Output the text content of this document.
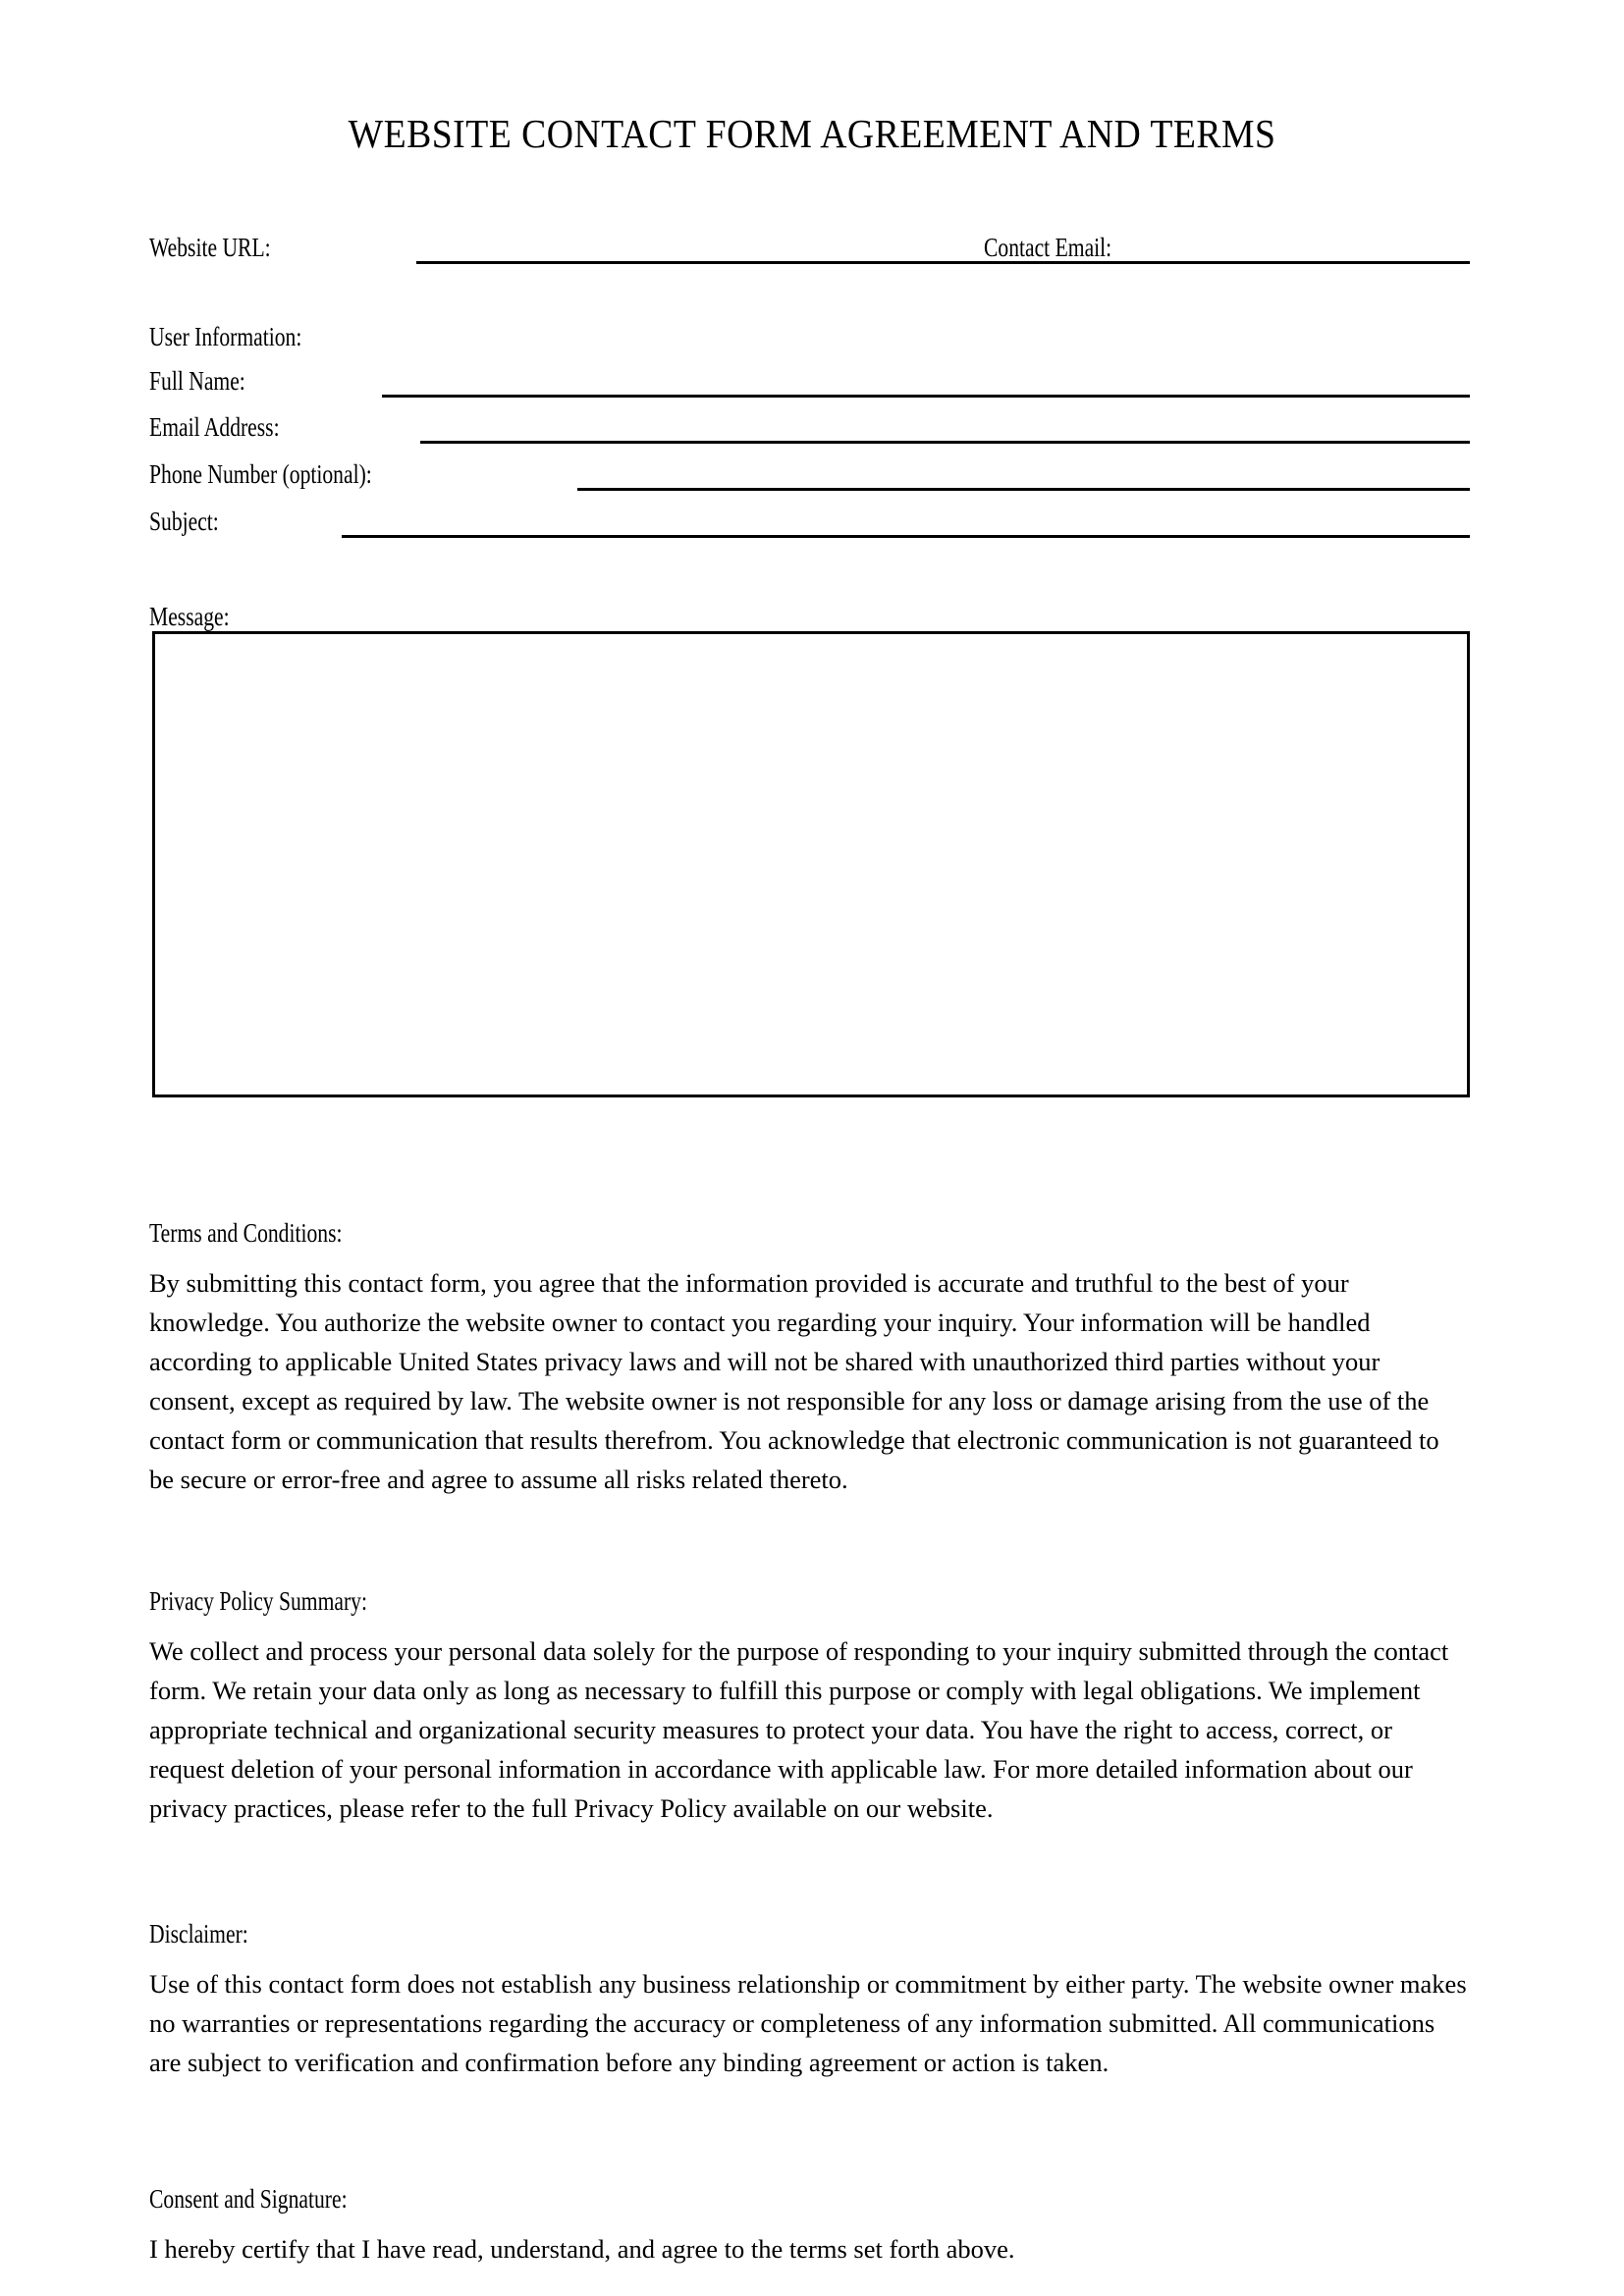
WEBSITE CONTACT FORM AGREEMENT AND TERMS
Website URL:	Contact Email:
User Information:
Full Name:
Email Address:
Phone Number (optional):
Subject:
Message:
Terms and Conditions:
By submitting this contact form, you agree that the information provided is accurate and truthful to the best of your knowledge. You authorize the website owner to contact you regarding your inquiry. Your information will be handled according to applicable United States privacy laws and will not be shared with unauthorized third parties without your consent, except as required by law. The website owner is not responsible for any loss or damage arising from the use of the contact form or communication that results therefrom. You acknowledge that electronic communication is not guaranteed to be secure or error-free and agree to assume all risks related thereto.
Privacy Policy Summary:
We collect and process your personal data solely for the purpose of responding to your inquiry submitted through the contact form. We retain your data only as long as necessary to fulfill this purpose or comply with legal obligations. We implement appropriate technical and organizational security measures to protect your data. You have the right to access, correct, or request deletion of your personal information in accordance with applicable law. For more detailed information about our privacy practices, please refer to the full Privacy Policy available on our website.
Disclaimer:
Use of this contact form does not establish any business relationship or commitment by either party. The website owner makes no warranties or representations regarding the accuracy or completeness of any information submitted. All communications are subject to verification and confirmation before any binding agreement or action is taken.
Consent and Signature:
I hereby certify that I have read, understand, and agree to the terms set forth above.
